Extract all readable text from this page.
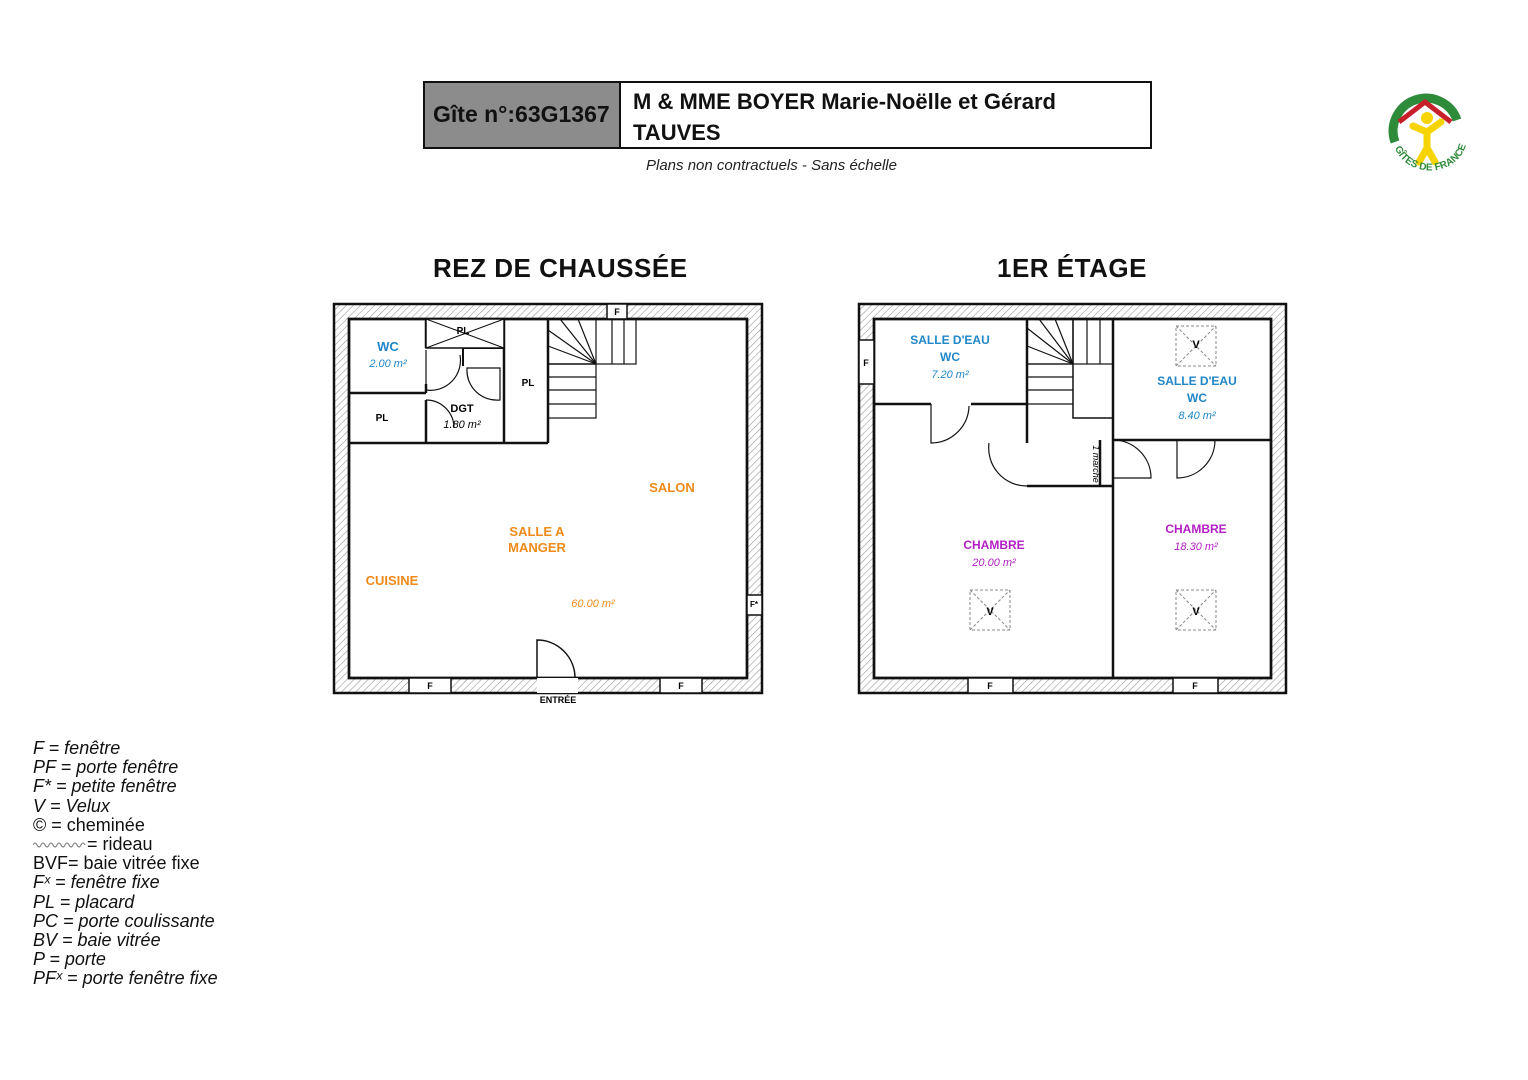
Gîte n°:63G1367 M & MME BOYER Marie-Noëlle et Gérard
TAUVES
Plans non contractuels - Sans échelle
GÎTES DE FRANCE
REZ DE CHAUSSÉE	1ER ÉTAGE
F
F*
F	F
ENTRÉE
PL
WC
2.00 m²
PL
PL
DGT
1.80 m²
SALON
SALLE A
MANGER
CUISINE
60.00 m²
F
F	F
V
V	V
1 marche
SALLE D'EAU
WC
7.20 m²	SALLE D'EAU
WC
8.40 m²
CHAMBRE
20.00 m²
CHAMBRE
18.30 m²
F = fenêtre
PF = porte fenêtre
F* = petite fenêtre
V = Velux
© = cheminée
= rideau
BVF= baie vitrée fixe
Fˣ = fenêtre fixe
PL = placard
PC = porte coulissante
BV = baie vitrée
P = porte
PFˣ = porte fenêtre fixe
